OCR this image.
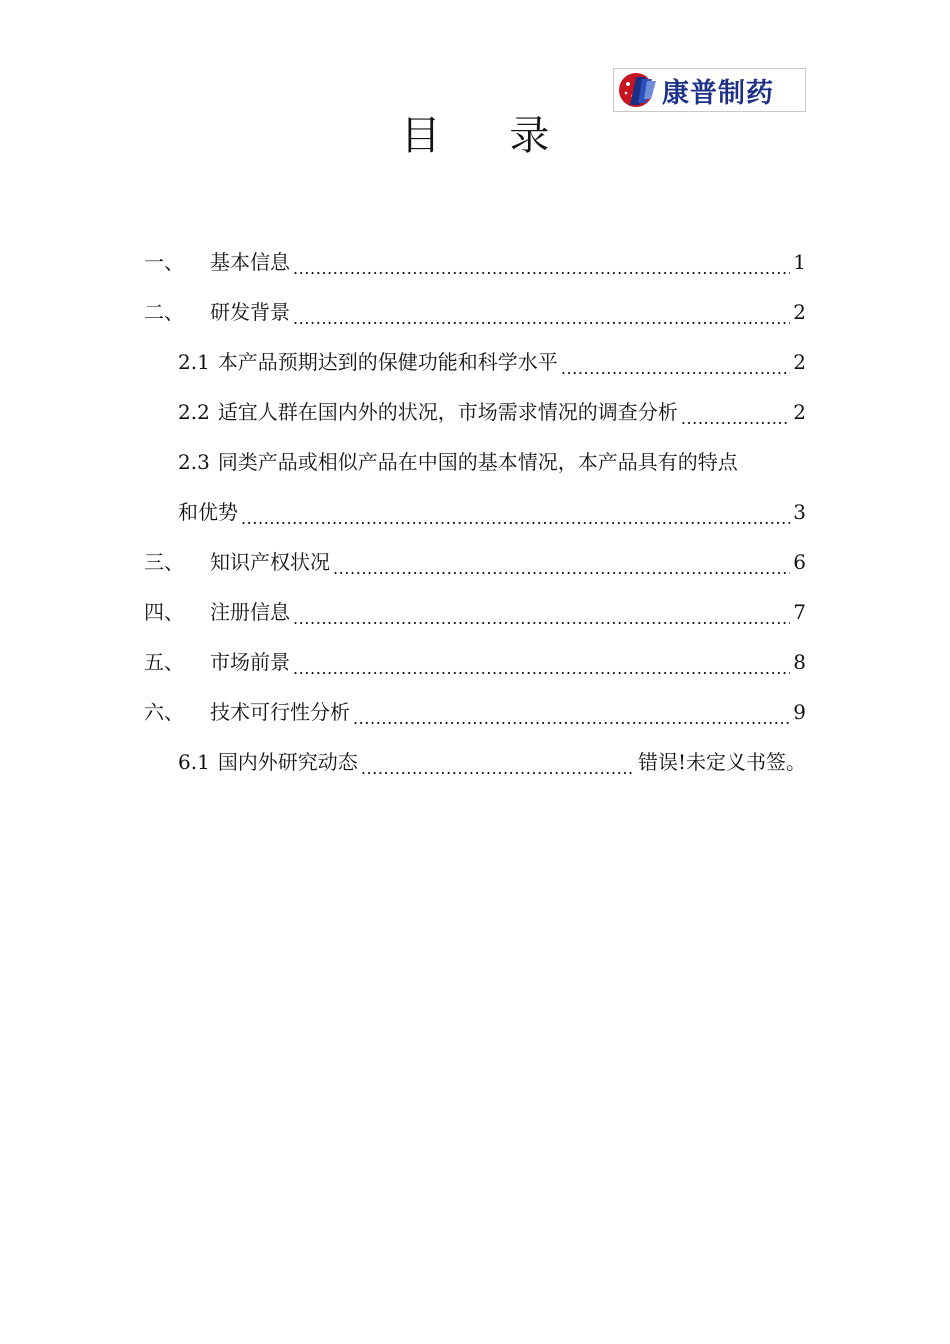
康普制药
目 录
一、	基本信息 .....	1
二、	研发背景 .....	2
2.1 本产品预期达到的保健功能和科学水平 .....	2
2.2 适宜人群在国内外的状况，市场需求情况的调查分析 .....	2
2.3 同类产品或相似产品在中国的基本情况，本产品具有的特点
和优势 .....	3
三、	知识产权状况 .....	6
四、	注册信息 .....	7
五、	市场前景 .....	8
六、	技术可行性分析 .....	9
6.1 国内外研究动态 .....	错误!未定义书签。
